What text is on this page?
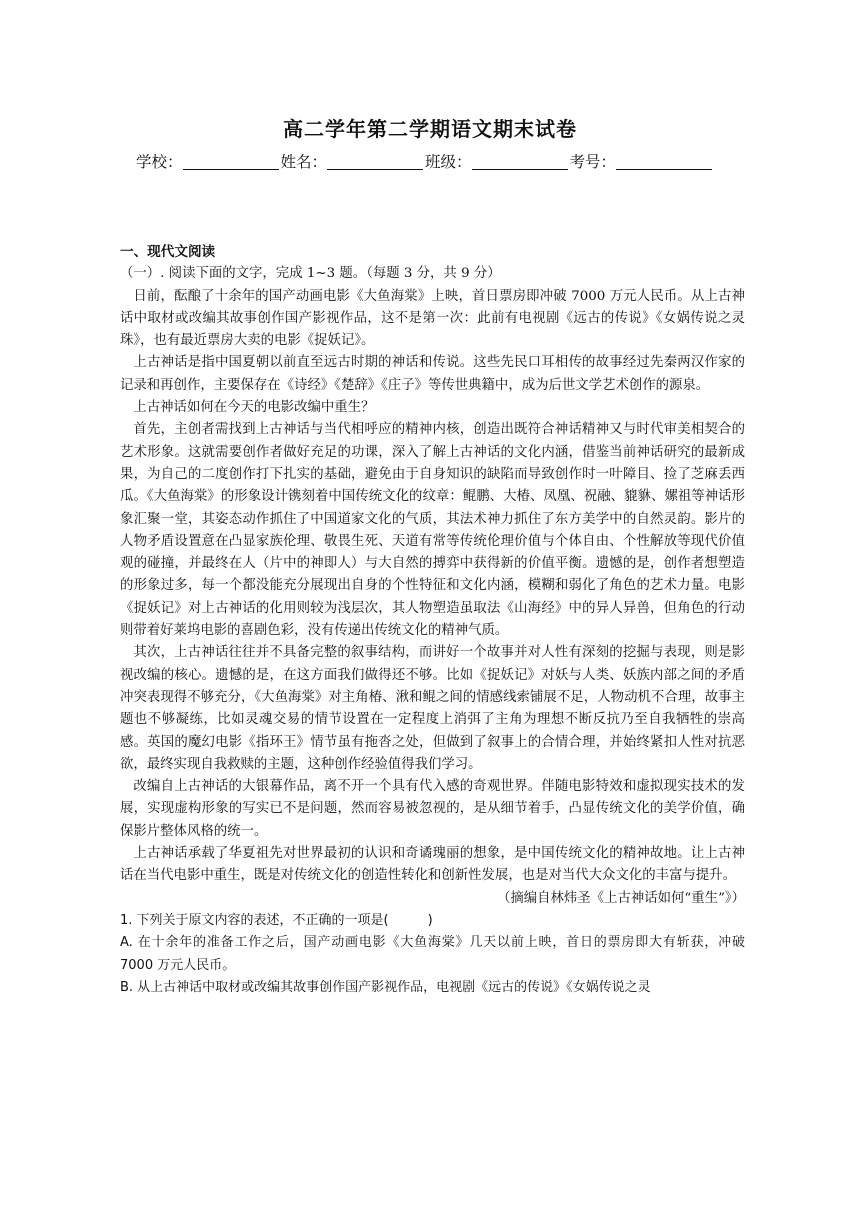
高二学年第二学期语文期末试卷
学校：	姓名：	班级：	考号：

一、现代文阅读

（一）. 阅读下面的文字，完成 1~3 题。（每题 3 分，共 9 分）

日前，酝酿了十余年的国产动画电影《大鱼海棠》上映，首日票房即冲破 7000 万元人民币。从上古神话中取材或改编其故事创作国产影视作品，这不是第一次：此前有电视剧《远古的传说》《女娲传说之灵珠》，也有最近票房大卖的电影《捉妖记》。

上古神话是指中国夏朝以前直至远古时期的神话和传说。这些先民口耳相传的故事经过先秦两汉作家的记录和再创作，主要保存在《诗经》《楚辞》《庄子》等传世典籍中，成为后世文学艺术创作的源泉。

上古神话如何在今天的电影改编中重生？

首先，主创者需找到上古神话与当代相呼应的精神内核，创造出既符合神话精神又与时代审美相契合的艺术形象。这就需要创作者做好充足的功课，深入了解上古神话的文化内涵，借鉴当前神话研究的最新成果，为自己的二度创作打下扎实的基础，避免由于自身知识的缺陷而导致创作时一叶障目、捡了芝麻丢西瓜。《大鱼海棠》的形象设计镌刻着中国传统文化的纹章：鲲鹏、大椿、凤凰、祝融、貔貅、嫘祖等神话形象汇聚一堂，其姿态动作抓住了中国道家文化的气质，其法术神力抓住了东方美学中的自然灵韵。影片的人物矛盾设置意在凸显家族伦理、敬畏生死、天道有常等传统伦理价值与个体自由、个性解放等现代价值观的碰撞，并最终在人（片中的神即人）与大自然的搏弈中获得新的价值平衡。遗憾的是，创作者想塑造的形象过多，每一个都没能充分展现出自身的个性特征和文化内涵，模糊和弱化了角色的艺术力量。电影《捉妖记》对上古神话的化用则较为浅层次，其人物塑造虽取法《山海经》中的异人异兽，但角色的行动则带着好莱坞电影的喜剧色彩，没有传递出传统文化的精神气质。

其次，上古神话往往并不具备完整的叙事结构，而讲好一个故事并对人性有深刻的挖掘与表现，则是影视改编的核心。遗憾的是，在这方面我们做得还不够。比如《捉妖记》对妖与人类、妖族内部之间的矛盾冲突表现得不够充分，《大鱼海棠》对主角椿、湫和鲲之间的情感线索铺展不足，人物动机不合理，故事主题也不够凝练，比如灵魂交易的情节设置在一定程度上消弭了主角为理想不断反抗乃至自我牺牲的崇高感。英国的魔幻电影《指环王》情节虽有拖沓之处，但做到了叙事上的合情合理，并始终紧扣人性对抗恶欲，最终实现自我救赎的主题，这种创作经验值得我们学习。

改编自上古神话的大银幕作品，离不开一个具有代入感的奇观世界。伴随电影特效和虚拟现实技术的发展，实现虚构形象的写实已不是问题，然而容易被忽视的，是从细节着手，凸显传统文化的美学价值，确保影片整体风格的统一。

上古神话承载了华夏祖先对世界最初的认识和奇谲瑰丽的想象，是中国传统文化的精神故地。让上古神话在当代电影中重生，既是对传统文化的创造性转化和创新性发展，也是对当代大众文化的丰富与提升。

（摘编自林炜圣《上古神话如何“重生”》）

1. 下列关于原文内容的表述，不正确的一项是(　　　)

A. 在十余年的准备工作之后，国产动画电影《大鱼海棠》几天以前上映，首日的票房即大有斩获，冲破 7000 万元人民币。

B. 从上古神话中取材或改编其故事创作国产影视作品，电视剧《远古的传说》《女娲传说之灵
